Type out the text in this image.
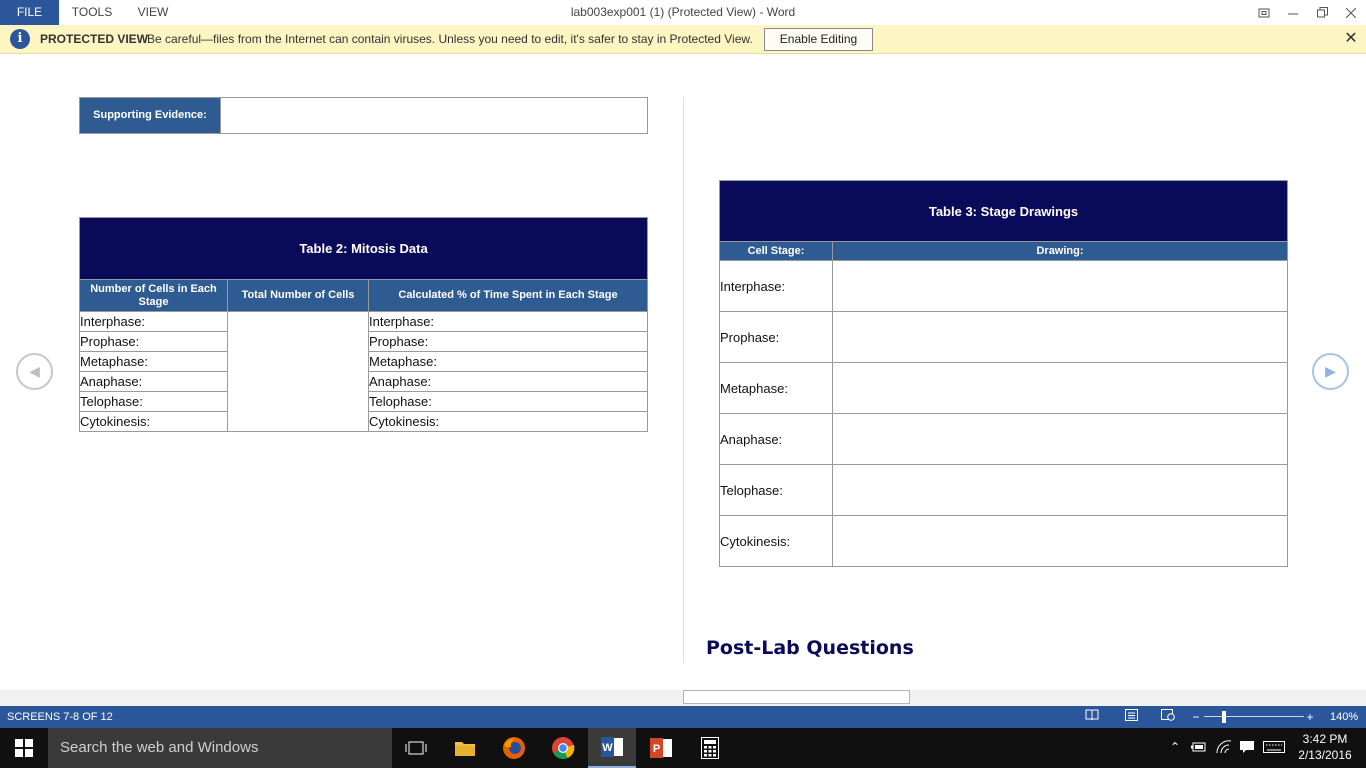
FILE	TOOLS	VIEW	lab003exp001 (1) (Protected View) - Word
i	PROTECTED VIEW
Be careful—files from the Internet can contain viruses. Unless you need to edit, it's safer to stay in Protected View.	Enable Editing	✕
Supporting Evidence:
Table 2: Mitosis Data		
Number of Cells in Each Stage	Total Number of Cells	Calculated % of Time Spent in Each Stage
Interphase:		Interphase:
Prophase:		Prophase:
Metaphase:		Metaphase:
Anaphase:		Anaphase:
Telophase:		Telophase:
Cytokinesis:		Cytokinesis:
Table 3: Stage Drawings	
Cell Stage:	Drawing:
Interphase:	
Prophase:	
Metaphase:	
Anaphase:	
Telophase:	
Cytokinesis:	
Post-Lab Questions
◀	▶
SCREENS 7-8 OF 12	−	+	140%
Search the web and Windows	W	P	⌃
3:42 PM
2/13/2016
